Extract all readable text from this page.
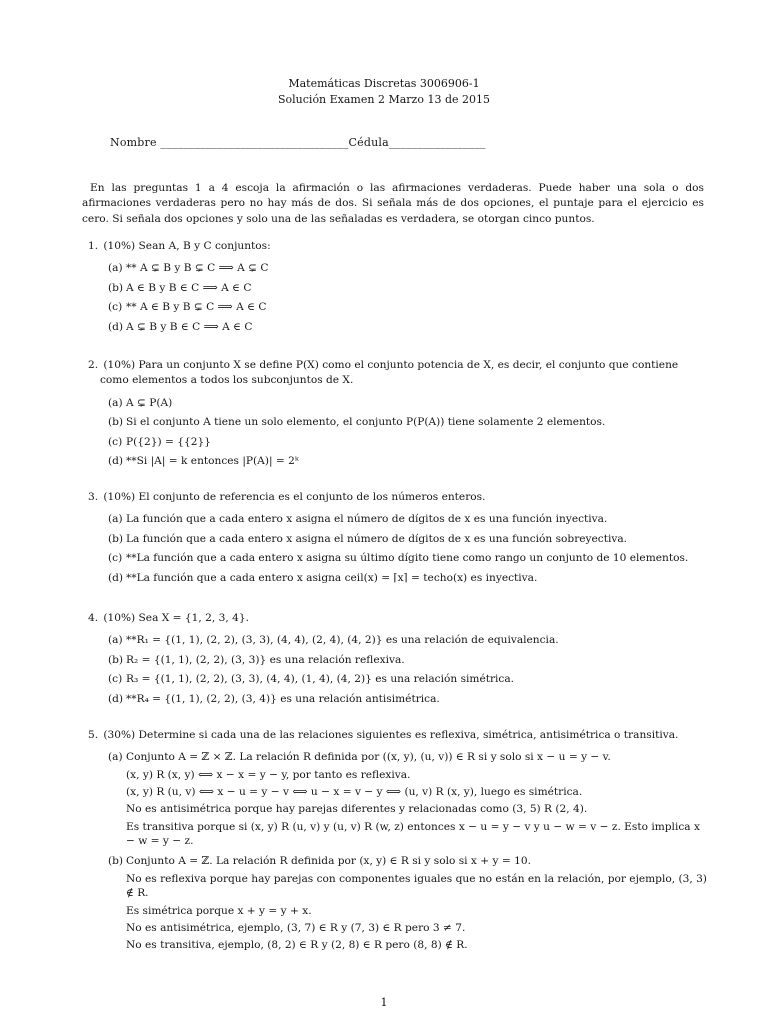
Matemáticas Discretas 3006906-1
Solución Examen 2 Marzo 13 de 2015
Nombre _________________________________Cédula_________________

En las preguntas 1 a 4 escoja la afirmación o las afirmaciones verdaderas. Puede haber una sola o dos afirmaciones verdaderas pero no hay más de dos. Si señala más de dos opciones, el puntaje para el ejercicio es cero. Si señala dos opciones y solo una de las señaladas es verdadera, se otorgan cinco puntos.

1. (10%) Sean A, B y C conjuntos:

(a) ** A ⊊ B y B ⊊ C ⟹ A ⊊ C
(b) A ∈ B y B ∈ C ⟹ A ∈ C
(c) ** A ∈ B y B ⊊ C ⟹ A ∈ C
(d) A ⊊ B y B ∈ C ⟹ A ∈ C

2. (10%) Para un conjunto X se define P(X) como el conjunto potencia de X, es decir, el conjunto que contiene como elementos a todos los subconjuntos de X.

(a) A ⊊ P(A)
(b) Si el conjunto A tiene un solo elemento, el conjunto P(P(A)) tiene solamente 2 elementos.
(c) P({2}) = {{2}}
(d) **Si |A| = k entonces |P(A)| = 2ᵏ

3. (10%) El conjunto de referencia es el conjunto de los números enteros.

(a) La función que a cada entero x asigna el número de dígitos de x es una función inyectiva.
(b) La función que a cada entero x asigna el número de dígitos de x es una función sobreyectiva.
(c) **La función que a cada entero x asigna su último dígito tiene como rango un conjunto de 10 elementos.
(d) **La función que a cada entero x asigna ceil(x) = ⌈x⌉ = techo(x) es inyectiva.

4. (10%) Sea X = {1, 2, 3, 4}.

(a) **R₁ = {(1, 1), (2, 2), (3, 3), (4, 4), (2, 4), (4, 2)} es una relación de equivalencia.
(b) R₂ = {(1, 1), (2, 2), (3, 3)} es una relación reflexiva.
(c) R₃ = {(1, 1), (2, 2), (3, 3), (4, 4), (1, 4), (4, 2)} es una relación simétrica.
(d) **R₄ = {(1, 1), (2, 2), (3, 4)} es una relación antisimétrica.

5. (30%) Determine si cada una de las relaciones siguientes es reflexiva, simétrica, antisimétrica o transitiva.

(a) Conjunto A = ℤ × ℤ. La relación R definida por ((x, y), (u, v)) ∈ R si y solo si x − u = y − v.

(x, y) R (x, y) ⟺ x − x = y − y, por tanto es reflexiva.

(x, y) R (u, v) ⟺ x − u = y − v ⟺ u − x = v − y ⟺ (u, v) R (x, y), luego es simétrica.

No es antisimétrica porque hay parejas diferentes y relacionadas como (3, 5) R (2, 4).

Es transitiva porque si (x, y) R (u, v) y (u, v) R (w, z) entonces x − u = y − v y u − w = v − z. Esto implica x − w = y − z.

(b) Conjunto A = ℤ. La relación R definida por (x, y) ∈ R si y solo si x + y = 10.

No es reflexiva porque hay parejas con componentes iguales que no están en la relación, por ejemplo, (3, 3) ∉ R.

Es simétrica porque x + y = y + x.

No es antisimétrica, ejemplo, (3, 7) ∈ R y (7, 3) ∈ R pero 3 ≠ 7.

No es transitiva, ejemplo, (8, 2) ∈ R y (2, 8) ∈ R pero (8, 8) ∉ R.

1
